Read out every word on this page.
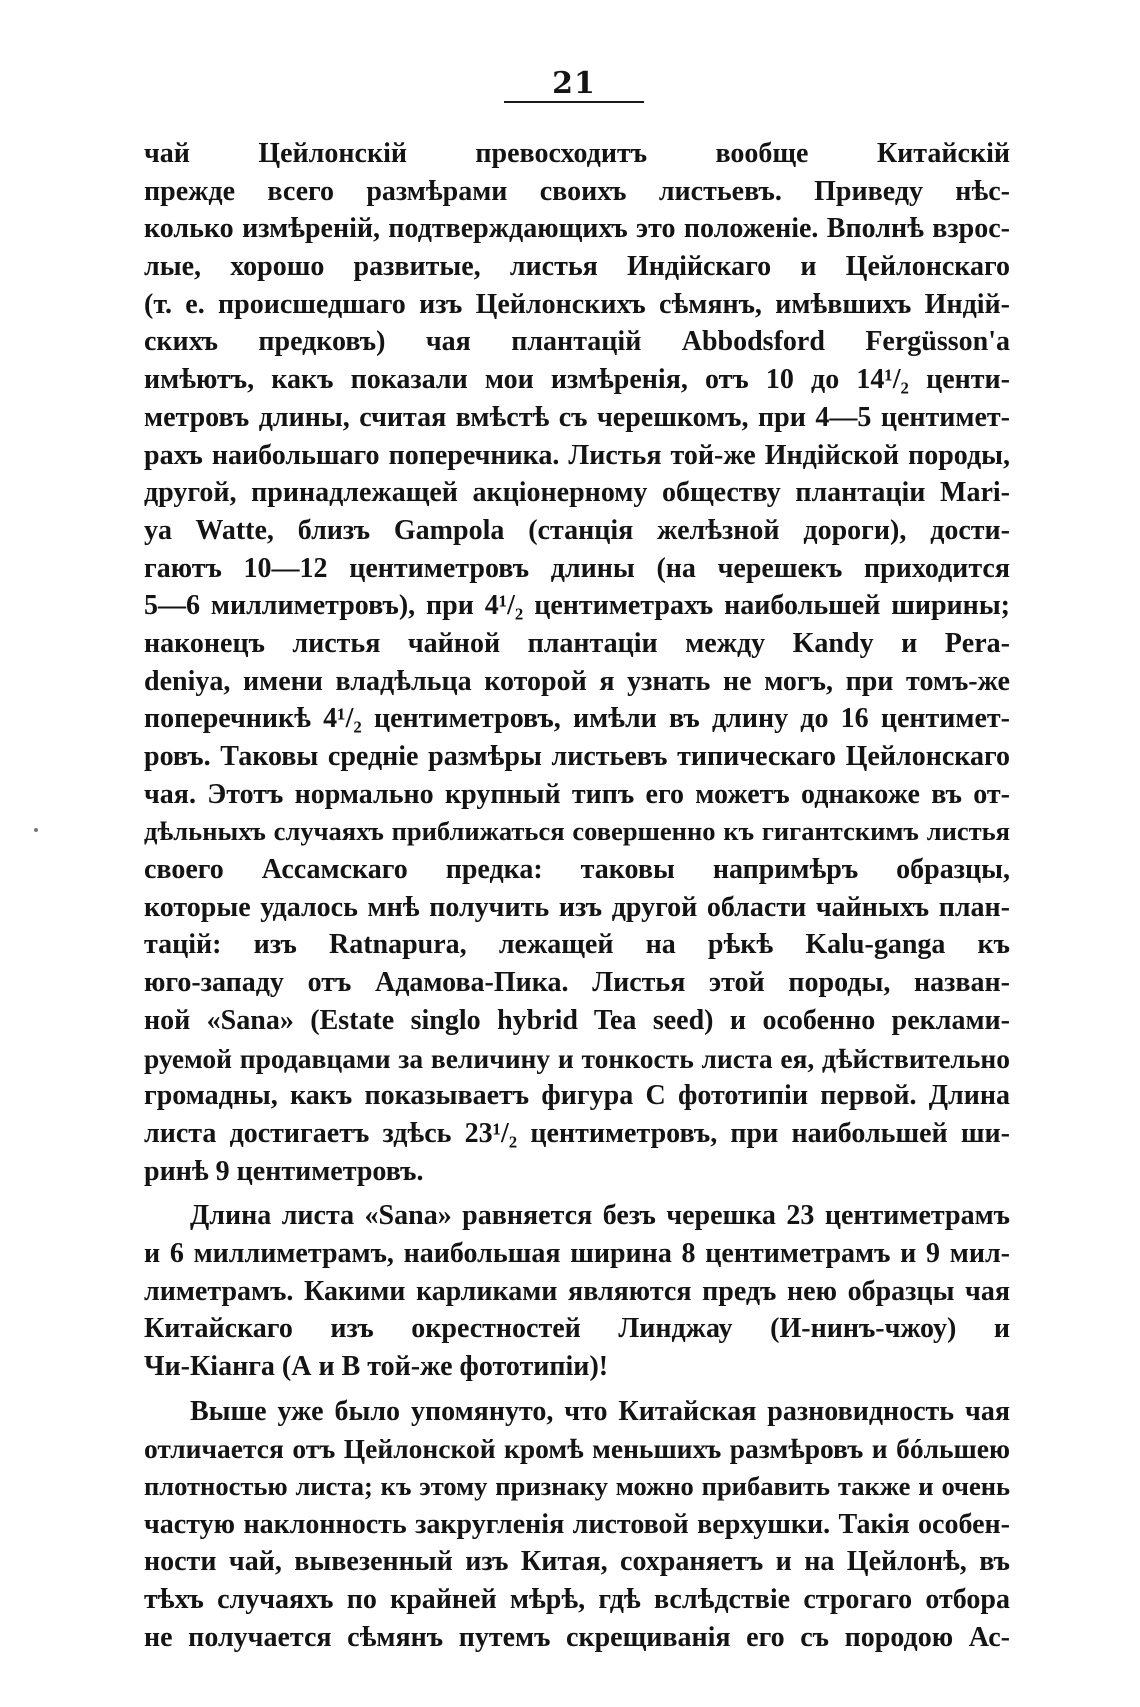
21
чай Цейлонскій превосходитъ вообще Китайскій
прежде всего размѣрами своихъ листьевъ. Приведу нѣс-
колько измѣреній, подтверждающихъ это положеніе. Вполнѣ взрос-
лые, хорошо развитые, листья Индійскаго и Цейлонскаго
(т. е. происшедшаго изъ Цейлонскихъ сѣмянъ, имѣвшихъ Индій-
скихъ предковъ) чая плантацій Abbodsford Fergüsson'a
имѣютъ, какъ показали мои измѣренія, отъ 10 до 14¹/₂ центи-
метровъ длины, считая вмѣстѣ съ черешкомъ, при 4—5 центимет-
рахъ наибольшаго поперечника. Листья той-же Индійской породы,
другой, принадлежащей акціонерному обществу плантаціи Mari-
ya Watte, близъ Gampola (станція желѣзной дороги), дости-
гаютъ 10—12 центиметровъ длины (на черешекъ приходится
5—6 миллиметровъ), при 4¹/₂ центиметрахъ наибольшей ширины;
наконецъ листья чайной плантаціи между Kandy и Pera-
deniya, имени владѣльца которой я узнать не могъ, при томъ-же
поперечникѣ 4¹/₂ центиметровъ, имѣли въ длину до 16 центимет-
ровъ. Таковы средніе размѣры листьевъ типическаго Цейлонскаго
чая. Этотъ нормально крупный типъ его можетъ однакоже въ от-
дѣльныхъ случаяхъ приближаться совершенно къ гигантскимъ листья
своего Ассамскаго предка: таковы напримѣръ образцы,
которые удалось мнѣ получить изъ другой области чайныхъ план-
тацій: изъ Ratnapura, лежащей на рѣкѣ Kalu-ganga къ
юго-западу отъ Адамова-Пика. Листья этой породы, назван-
ной «Sana» (Estate singlo hybrid Tea seed) и особенно реклами-
руемой продавцами за величину и тонкость листа ея, дѣйствительно
громадны, какъ показываетъ фигура С фототипіи первой. Длина
листа достигаетъ здѣсь 23¹/₂ центиметровъ, при наибольшей ши-
ринѣ 9 центиметровъ.
Длина листа «Sana» равняется безъ черешка 23 центиметрамъ
и 6 миллиметрамъ, наибольшая ширина 8 центиметрамъ и 9 мил-
лиметрамъ. Какими карликами являются предъ нею образцы чая
Китайскаго изъ окрестностей Линджау (И-нинъ-чжоу) и
Чи-Кіанга (А и В той-же фототипіи)!
Выше уже было упомянуто, что Китайская разновидность чая
отличается отъ Цейлонской кромѣ меньшихъ размѣровъ и бóльшею
плотностью листа; къ этому признаку можно прибавить также и очень
частую наклонность закругленія листовой верхушки. Такія особен-
ности чай, вывезенный изъ Китая, сохраняетъ и на Цейлонѣ, въ
тѣхъ случаяхъ по крайней мѣрѣ, гдѣ вслѣдствіе строгаго отбора
не получается сѣмянъ путемъ скрещиванія его съ породою Ас-
